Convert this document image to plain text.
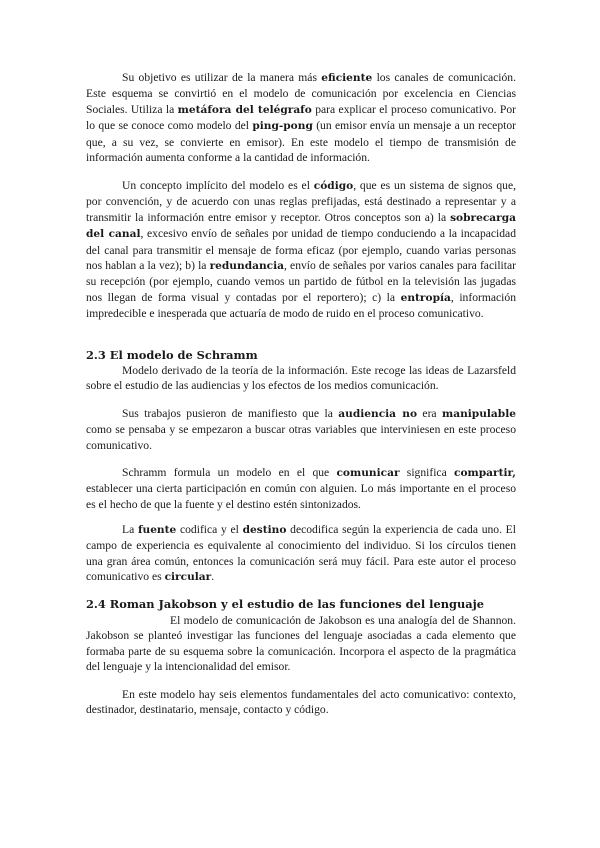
Su objetivo es utilizar de la manera más eficiente los canales de comunicación. Este esquema se convirtió en el modelo de comunicación por excelencia en Ciencias Sociales. Utiliza la metáfora del telégrafo para explicar el proceso comunicativo. Por lo que se conoce como modelo del ping-pong (un emisor envía un mensaje a un receptor que, a su vez, se convierte en emisor). En este modelo el tiempo de transmisión de información aumenta conforme a la cantidad de información.

Un concepto implícito del modelo es el código, que es un sistema de signos que, por convención, y de acuerdo con unas reglas prefijadas, está destinado a representar y a transmitir la información entre emisor y receptor. Otros conceptos son a) la sobrecarga del canal, excesivo envío de señales por unidad de tiempo conduciendo a la incapacidad del canal para transmitir el mensaje de forma eficaz (por ejemplo, cuando varias personas nos hablan a la vez); b) la redundancia, envío de señales por varios canales para facilitar su recepción (por ejemplo, cuando vemos un partido de fútbol en la televisión las jugadas nos llegan de forma visual y contadas por el reportero); c) la entropía, información impredecible e inesperada que actuaría de modo de ruido en el proceso comunicativo.

2.3 El modelo de Schramm

Modelo derivado de la teoría de la información. Este recoge las ideas de Lazarsfeld sobre el estudio de las audiencias y los efectos de los medios comunicación.

Sus trabajos pusieron de manifiesto que la audiencia no era manipulable como se pensaba y se empezaron a buscar otras variables que interviniesen en este proceso comunicativo.

Schramm formula un modelo en el que comunicar significa compartir, establecer una cierta participación en común con alguien. Lo más importante en el proceso es el hecho de que la fuente y el destino estén sintonizados.

La fuente codifica y el destino decodifica según la experiencia de cada uno. El campo de experiencia es equivalente al conocimiento del individuo. Si los círculos tienen una gran área común, entonces la comunicación será muy fácil. Para este autor el proceso comunicativo es circular.

2.4 Roman Jakobson y el estudio de las funciones del lenguaje

El modelo de comunicación de Jakobson es una analogía del de Shannon. Jakobson se planteó investigar las funciones del lenguaje asociadas a cada elemento que formaba parte de su esquema sobre la comunicación. Incorpora el aspecto de la pragmática del lenguaje y la intencionalidad del emisor.

En este modelo hay seis elementos fundamentales del acto comunicativo: contexto, destinador, destinatario, mensaje, contacto y código.
